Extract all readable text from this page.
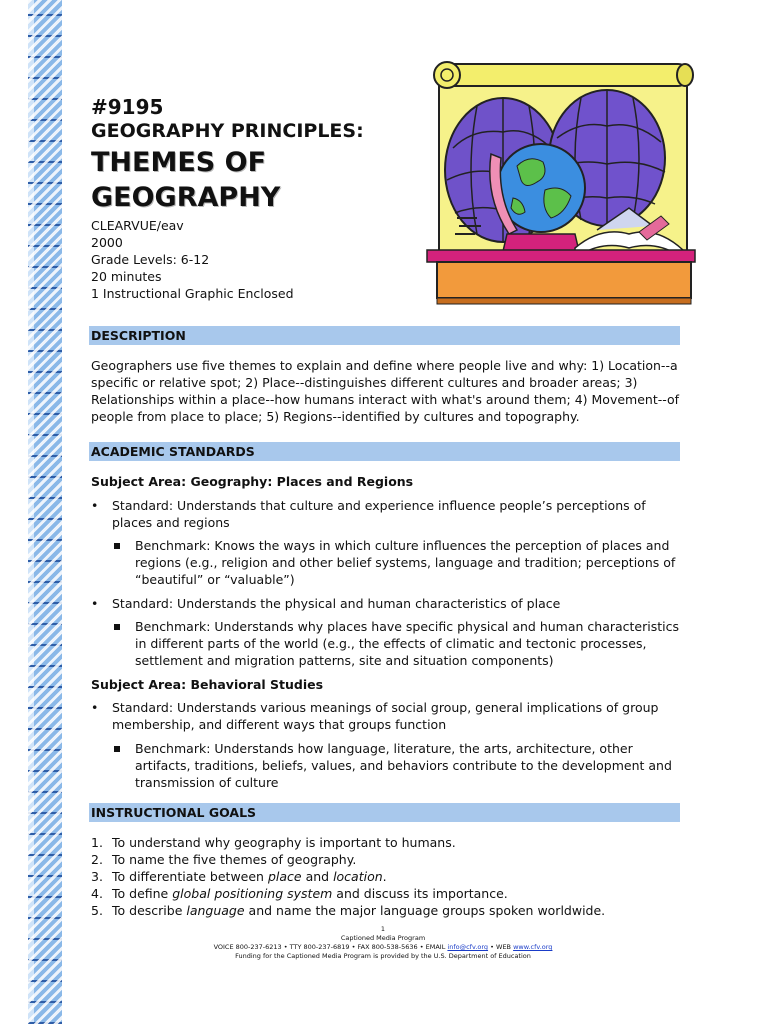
#9195
GEOGRAPHY PRINCIPLES:
THEMES OF
GEOGRAPHY
CLEARVUE/eav
2000
Grade Levels: 6-12
20 minutes
1 Instructional Graphic Enclosed
DESCRIPTION
Geographers use five themes to explain and define where people live and why: 1) Location--a specific or relative spot; 2) Place--distinguishes different cultures and broader areas; 3) Relationships within a place--how humans interact with what's around them; 4) Movement--of people from place to place; 5) Regions--identified by cultures and topography.
ACADEMIC STANDARDS
Subject Area: Geography: Places and Regions
•	Standard: Understands that culture and experience influence people’s perceptions of places and regions
Benchmark: Knows the ways in which culture influences the perception of places and regions (e.g., religion and other belief systems, language and tradition; perceptions of “beautiful” or “valuable”)
•	Standard: Understands the physical and human characteristics of place
Benchmark: Understands why places have specific physical and human characteristics in different parts of the world (e.g., the effects of climatic and tectonic processes, settlement and migration patterns, site and situation components)
Subject Area: Behavioral Studies
•	Standard: Understands various meanings of social group, general implications of group membership, and different ways that groups function
Benchmark: Understands how language, literature, the arts, architecture, other artifacts, traditions, beliefs, values, and behaviors contribute to the development and transmission of culture
INSTRUCTIONAL GOALS
1. To understand why geography is important to humans.
2. To name the five themes of geography.
3. To differentiate between place and location.
4. To define global positioning system and discuss its importance.
5. To describe language and name the major language groups spoken worldwide.
1
Captioned Media Program
VOICE 800-237-6213 • TTY 800-237-6819 • FAX 800-538-5636 • EMAIL info@cfv.org • WEB www.cfv.org
Funding for the Captioned Media Program is provided by the U.S. Department of Education
